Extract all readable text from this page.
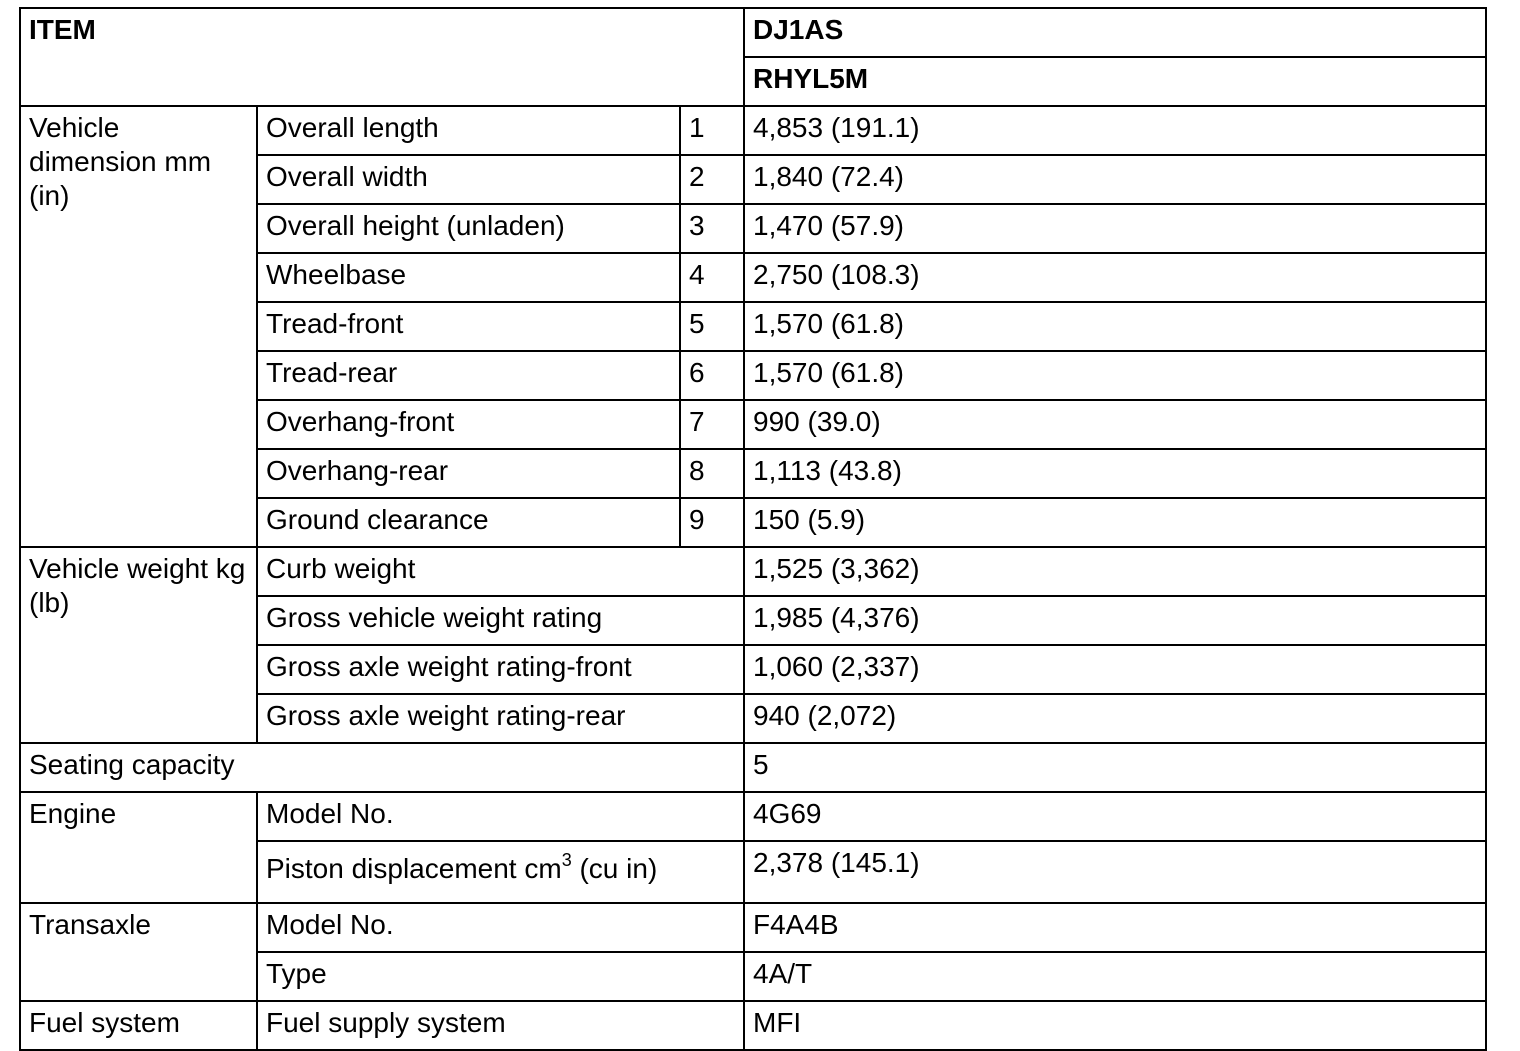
ITEM			DJ1AS
			RHYL5M
Vehicle dimension mm (in)	Overall length	1	4,853 (191.1)
	Overall width	2	1,840 (72.4)
	Overall height (unladen)	3	1,470 (57.9)
	Wheelbase	4	2,750 (108.3)
	Tread-front	5	1,570 (61.8)
	Tread-rear	6	1,570 (61.8)
	Overhang-front	7	990 (39.0)
	Overhang-rear	8	1,113 (43.8)
	Ground clearance	9	150 (5.9)
Vehicle weight kg (lb)	Curb weight		1,525 (3,362)
	Gross vehicle weight rating		1,985 (4,376)
	Gross axle weight rating-front		1,060 (2,337)
	Gross axle weight rating-rear		940 (2,072)
Seating capacity			5
Engine	Model No.		4G69
	Piston displacement $cm^3$ (cu in)		2,378 (145.1)
Transaxle	Model No.		F4A4B
	Type		4A/T
Fuel system	Fuel supply system		MFI
